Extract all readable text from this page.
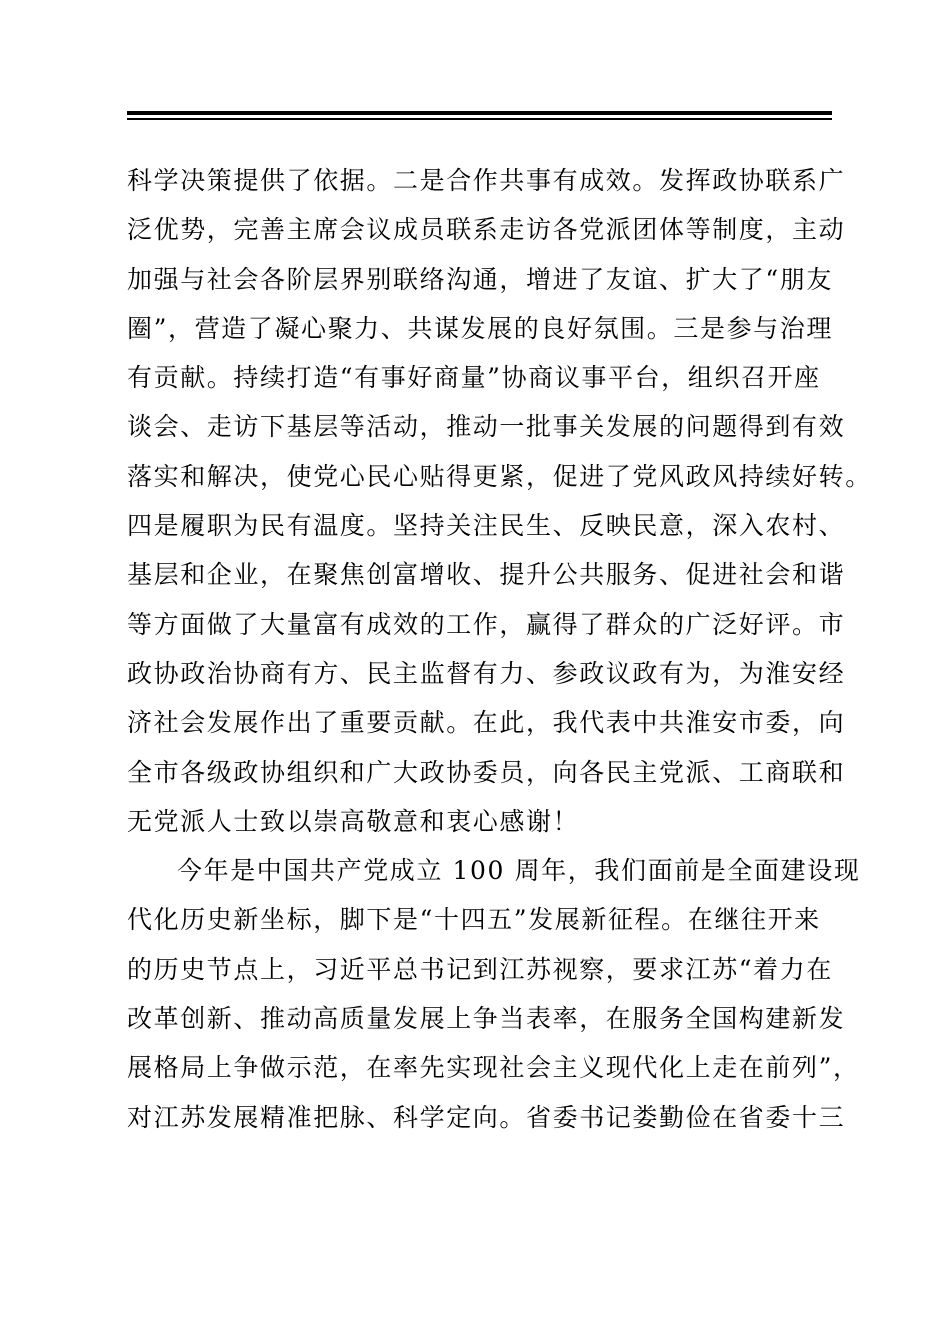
科学决策提供了依据。二是合作共事有成效。发挥政协联系广
泛优势，完善主席会议成员联系走访各党派团体等制度，主动
加强与社会各阶层界别联络沟通，增进了友谊、扩大了“朋友
圈”，营造了凝心聚力、共谋发展的良好氛围。三是参与治理
有贡献。持续打造“有事好商量”协商议事平台，组织召开座
谈会、走访下基层等活动，推动一批事关发展的问题得到有效
落实和解决，使党心民心贴得更紧，促进了党风政风持续好转。
四是履职为民有温度。坚持关注民生、反映民意，深入农村、
基层和企业，在聚焦创富增收、提升公共服务、促进社会和谐
等方面做了大量富有成效的工作，赢得了群众的广泛好评。市
政协政治协商有方、民主监督有力、参政议政有为，为淮安经
济社会发展作出了重要贡献。在此，我代表中共淮安市委，向
全市各级政协组织和广大政协委员，向各民主党派、工商联和
无党派人士致以崇高敬意和衷心感谢！
今年是中国共产党成立 100 周年，我们面前是全面建设现
代化历史新坐标，脚下是“十四五”发展新征程。在继往开来
的历史节点上，习近平总书记到江苏视察，要求江苏“着力在
改革创新、推动高质量发展上争当表率，在服务全国构建新发
展格局上争做示范，在率先实现社会主义现代化上走在前列”，
对江苏发展精准把脉、科学定向。省委书记娄勤俭在省委十三
